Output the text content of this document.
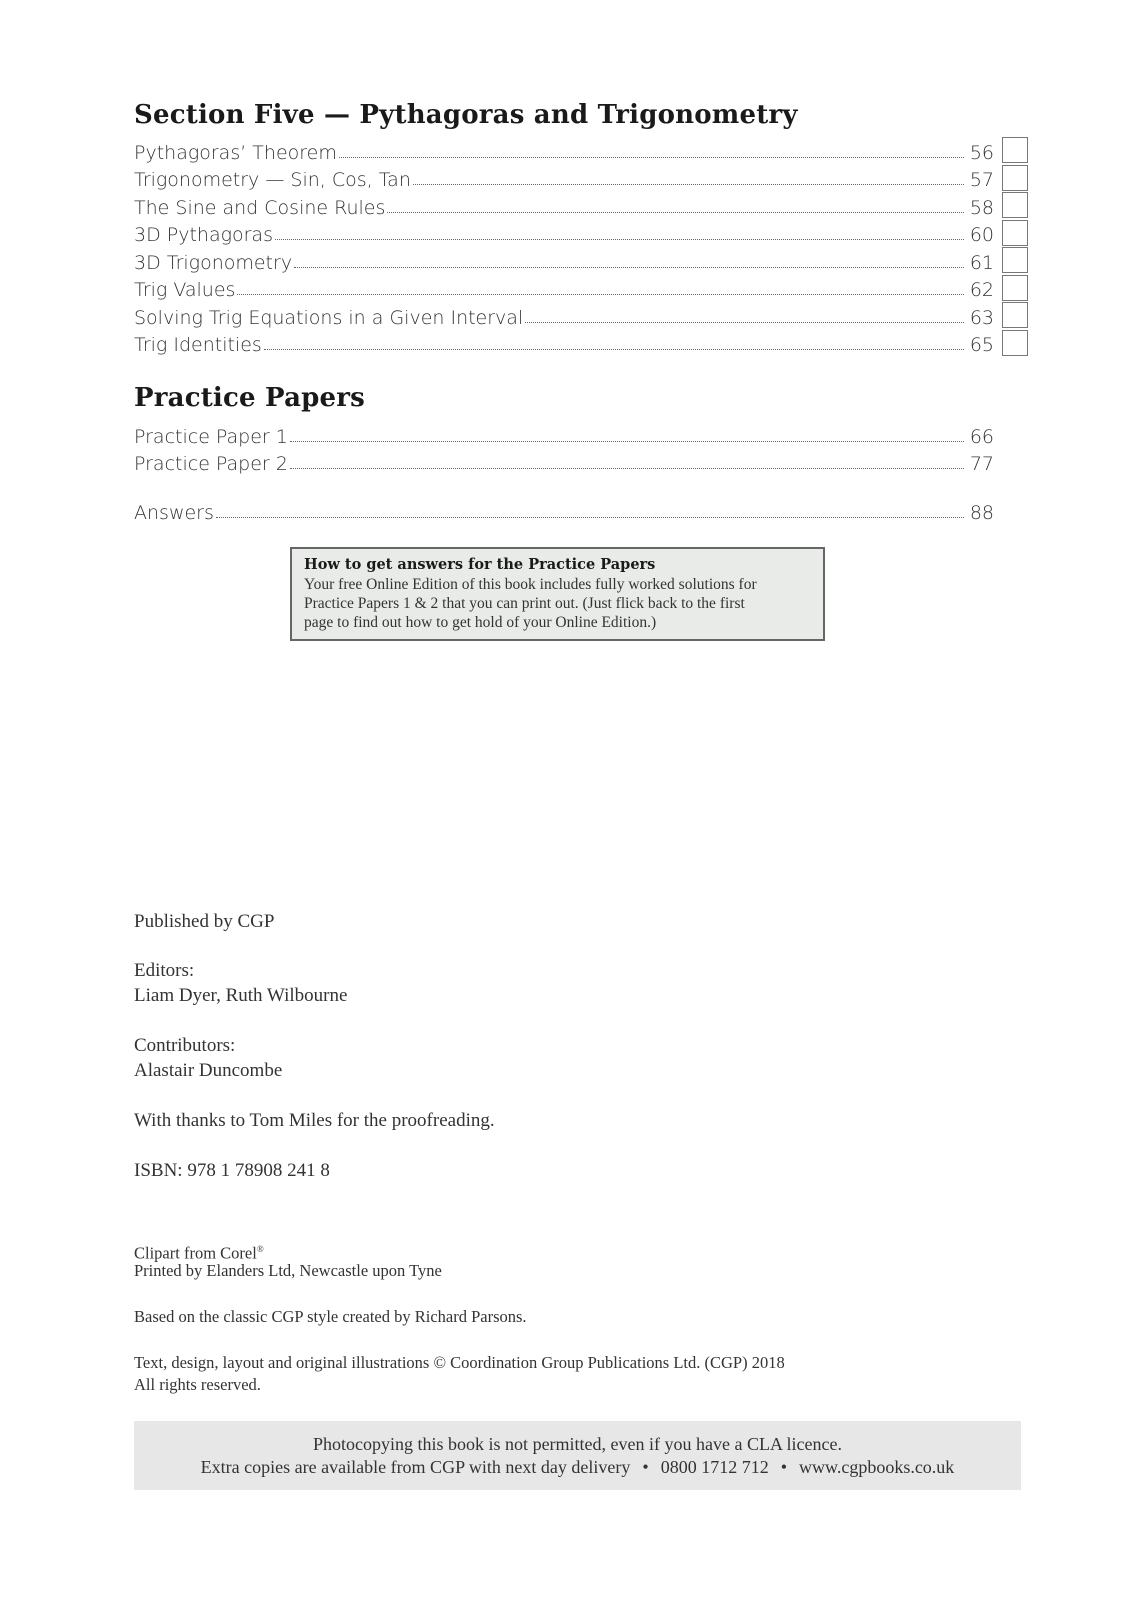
Section Five — Pythagoras and Trigonometry
Pythagoras’ Theorem	56
Trigonometry — Sin, Cos, Tan	57
The Sine and Cosine Rules	58
3D Pythagoras	60
3D Trigonometry	61
Trig Values	62
Solving Trig Equations in a Given Interval	63
Trig Identities	65
Practice Papers
Practice Paper 1	66
Practice Paper 2	77
Answers	88
How to get answers for the Practice Papers
Your free Online Edition of this book includes fully worked solutions for
Practice Papers 1 & 2 that you can print out. (Just flick back to the first
page to find out how to get hold of your Online Edition.)

Published by CGP

Editors:

Liam Dyer, Ruth Wilbourne

Contributors:

Alastair Duncombe

With thanks to Tom Miles for the proofreading.

ISBN: 978 1 78908 241 8

Clipart from Corel®

Printed by Elanders Ltd, Newcastle upon Tyne

Based on the classic CGP style created by Richard Parsons.

Text, design, layout and original illustrations © Coordination Group Publications Ltd. (CGP) 2018

All rights reserved.

Photocopying this book is not permitted, even if you have a CLA licence.
Extra copies are available from CGP with next day delivery • 0800 1712 712 • www.cgpbooks.co.uk
